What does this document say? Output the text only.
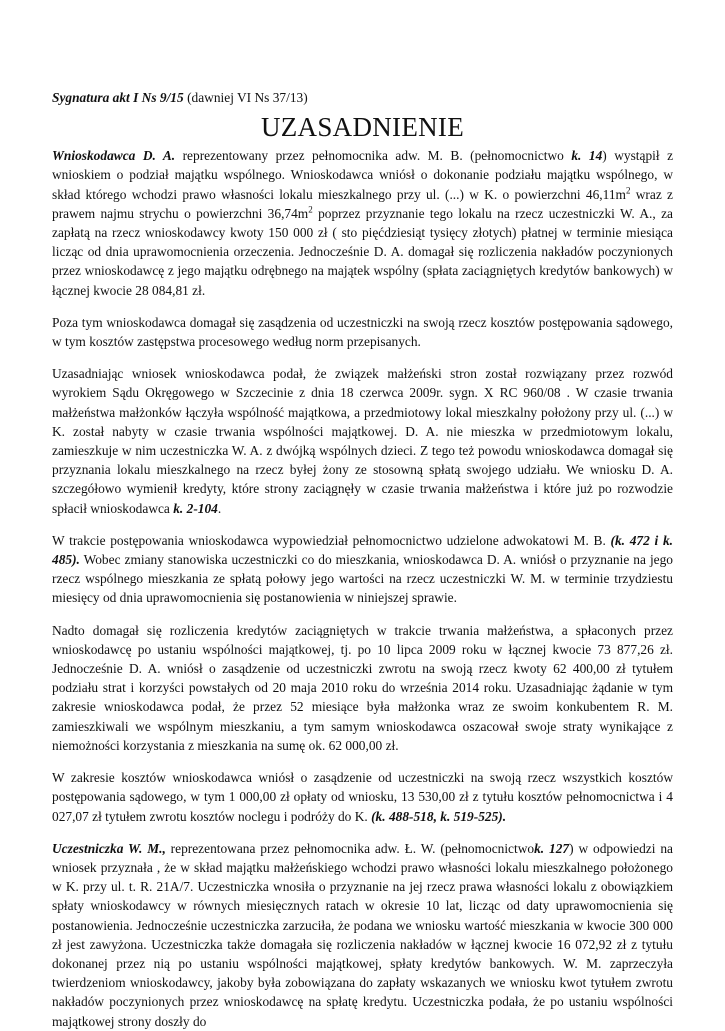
Sygnatura akt I Ns 9/15 (dawniej VI Ns 37/13)
UZASADNIENIE

Wnioskodawca D. A. reprezentowany przez pełnomocnika adw. M. B. (pełnomocnictwo k. 14) wystąpił z wnioskiem o podział majątku wspólnego. Wnioskodawca wniósł o dokonanie podziału majątku wspólnego, w skład którego wchodzi prawo własności lokalu mieszkalnego przy ul. (...) w K. o powierzchni $46,11m^2$ wraz z prawem najmu strychu o powierzchni $36,74m^2$ poprzez przyznanie tego lokalu na rzecz uczestniczki W. A., za zapłatą na rzecz wnioskodawcy kwoty 150 000 zł ( sto pięćdziesiąt tysięcy złotych) płatnej w terminie miesiąca licząc od dnia uprawomocnienia orzeczenia. Jednocześnie D. A. domagał się rozliczenia nakładów poczynionych przez wnioskodawcę z jego majątku odrębnego na majątek wspólny (spłata zaciągniętych kredytów bankowych) w łącznej kwocie 28 084,81 zł.

Poza tym wnioskodawca domagał się zasądzenia od uczestniczki na swoją rzecz kosztów postępowania sądowego, w tym kosztów zastępstwa procesowego według norm przepisanych.

Uzasadniając wniosek wnioskodawca podał, że związek małżeński stron został rozwiązany przez rozwód wyrokiem Sądu Okręgowego w Szczecinie z dnia 18 czerwca 2009r. sygn. X RC 960/08 . W czasie trwania małżeństwa małżonków łączyła wspólność majątkowa, a przedmiotowy lokal mieszkalny położony przy ul. (...) w K. został nabyty w czasie trwania wspólności majątkowej. D. A. nie mieszka w przedmiotowym lokalu, zamieszkuje w nim uczestniczka W. A. z dwójką wspólnych dzieci. Z tego też powodu wnioskodawca domagał się przyznania lokalu mieszkalnego na rzecz byłej żony ze stosowną spłatą swojego udziału. We wniosku D. A. szczegółowo wymienił kredyty, które strony zaciągnęły w czasie trwania małżeństwa i które już po rozwodzie spłacił wnioskodawca k. 2-104.

W trakcie postępowania wnioskodawca wypowiedział pełnomocnictwo udzielone adwokatowi M. B. (k. 472 i k. 485). Wobec zmiany stanowiska uczestniczki co do mieszkania, wnioskodawca D. A. wniósł o przyznanie na jego rzecz wspólnego mieszkania ze spłatą połowy jego wartości na rzecz uczestniczki W. M. w terminie trzydziestu miesięcy od dnia uprawomocnienia się postanowienia w niniejszej sprawie.

Nadto domagał się rozliczenia kredytów zaciągniętych w trakcie trwania małżeństwa, a spłaconych przez wnioskodawcę po ustaniu wspólności majątkowej, tj. po 10 lipca 2009 roku w łącznej kwocie 73 877,26 zł. Jednocześnie D. A. wniósł o zasądzenie od uczestniczki zwrotu na swoją rzecz kwoty 62 400,00 zł tytułem podziału strat i korzyści powstałych od 20 maja 2010 roku do września 2014 roku. Uzasadniając żądanie w tym zakresie wnioskodawca podał, że przez 52 miesiące była małżonka wraz ze swoim konkubentem R. M. zamieszkiwali we wspólnym mieszkaniu, a tym samym wnioskodawca oszacował swoje straty wynikające z niemożności korzystania z mieszkania na sumę ok. 62 000,00 zł.

W zakresie kosztów wnioskodawca wniósł o zasądzenie od uczestniczki na swoją rzecz wszystkich kosztów postępowania sądowego, w tym 1 000,00 zł opłaty od wniosku, 13 530,00 zł z tytułu kosztów pełnomocnictwa i 4 027,07 zł tytułem zwrotu kosztów noclegu i podróży do K. (k. 488-518, k. 519-525).

Uczestniczka W. M., reprezentowana przez pełnomocnika adw. Ł. W. (pełnomocnictwok. 127) w odpowiedzi na wniosek przyznała , że w skład majątku małżeńskiego wchodzi prawo własności lokalu mieszkalnego położonego w K. przy ul. t. R. 21A/7. Uczestniczka wnosiła o przyznanie na jej rzecz prawa własności lokalu z obowiązkiem spłaty wnioskodawcy w równych miesięcznych ratach w okresie 10 lat, licząc od daty uprawomocnienia się postanowienia. Jednocześnie uczestniczka zarzuciła, że podana we wniosku wartość mieszkania w kwocie 300 000 zł jest zawyżona. Uczestniczka także domagała się rozliczenia nakładów w łącznej kwocie 16 072,92 zł z tytułu dokonanej przez nią po ustaniu wspólności majątkowej, spłaty kredytów bankowych. W. M. zaprzeczyła twierdzeniom wnioskodawcy, jakoby była zobowiązana do zapłaty wskazanych we wniosku kwot tytułem zwrotu nakładów poczynionych przez wnioskodawcę na spłatę kredytu. Uczestniczka podała, że po ustaniu wspólności majątkowej strony doszły do
